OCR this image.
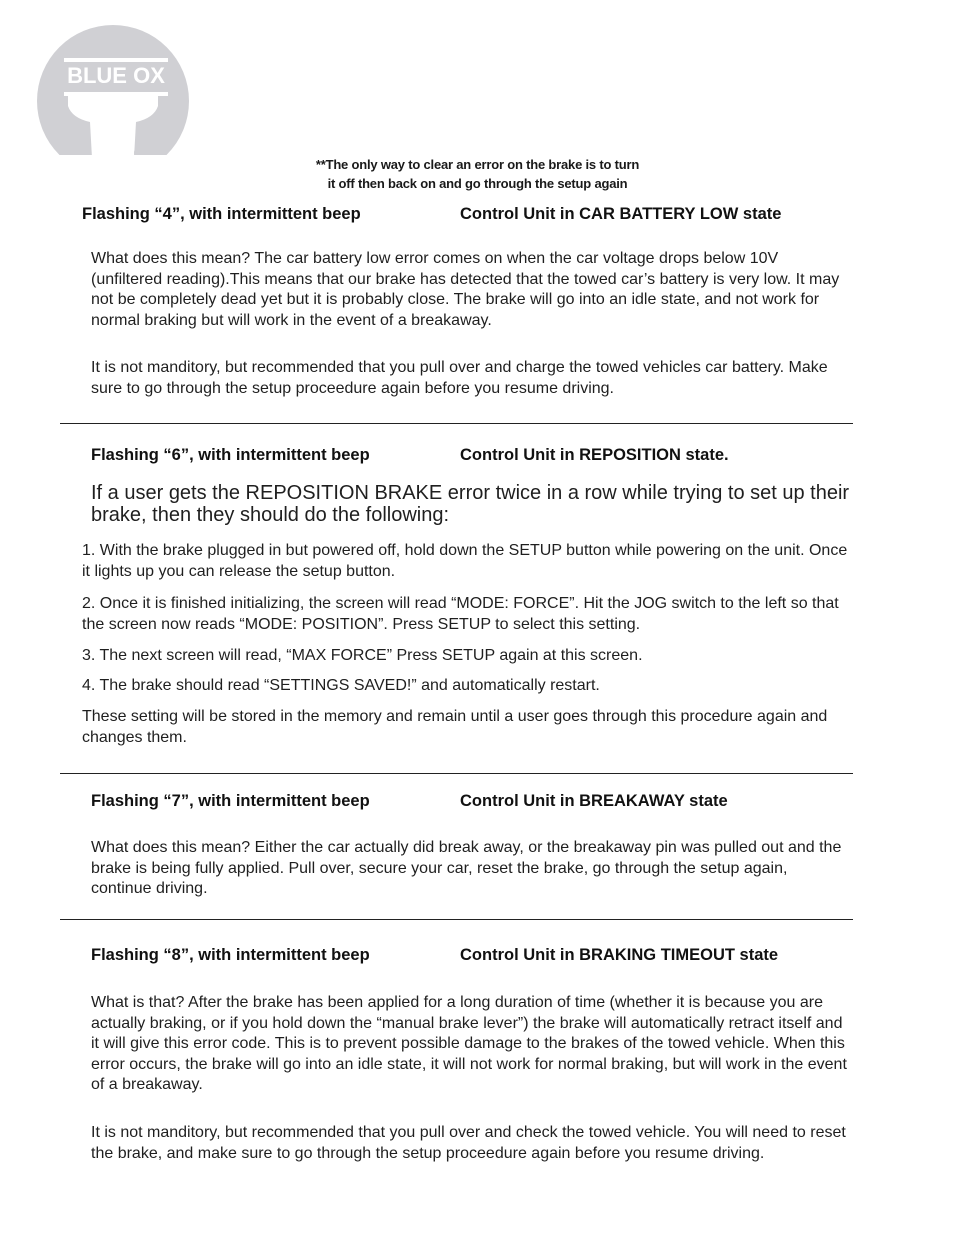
BLUE OX
**The only way to clear an error on the brake is to turn
it off then back on and go through the setup again
Flashing “4”, with intermittent beep	Control Unit in CAR BATTERY LOW state

What does this mean? The car battery low error comes on when the car voltage drops below 10V (unfiltered reading).This means that our brake has detected that the towed car’s battery is very low. It may not be completely dead yet but it is probably close. The brake will go into an idle state, and not work for normal braking but will work in the event of a breakaway.

It is not manditory, but recommended that you pull over and charge the towed vehicles car battery. Make sure to go through the setup proceedure again before you resume driving.

Flashing “6”, with intermittent beep	Control Unit in REPOSITION state.
If a user gets the REPOSITION BRAKE error twice in a row while trying to set up their brake, then they should do the following:

1. With the brake plugged in but powered off, hold down the SETUP button while powering on the unit. Once it lights up you can release the setup button.

2. Once it is finished initializing, the screen will read “MODE: FORCE”. Hit the JOG switch to the left so that the screen now reads “MODE: POSITION”. Press SETUP to select this setting.

3. The next screen will read, “MAX FORCE” Press SETUP again at this screen.

4. The brake should read “SETTINGS SAVED!” and automatically restart.

These setting will be stored in the memory and remain until a user goes through this procedure again and changes them.

Flashing “7”, with intermittent beep	Control Unit in BREAKAWAY state

What does this mean? Either the car actually did break away, or the breakaway pin was pulled out and the brake is being fully applied. Pull over, secure your car, reset the brake, go through the setup again, continue driving.

Flashing “8”, with intermittent beep	Control Unit in BRAKING TIMEOUT state

What is that? After the brake has been applied for a long duration of time (whether it is because you are actually braking, or if you hold down the “manual brake lever”) the brake will automatically retract itself and it will give this error code. This is to prevent possible damage to the brakes of the towed vehicle. When this error occurs, the brake will go into an idle state, it will not work for normal braking, but will work in the event of a breakaway.

It is not manditory, but recommended that you pull over and check the towed vehicle. You will need to reset the brake, and make sure to go through the setup proceedure again before you resume driving.
